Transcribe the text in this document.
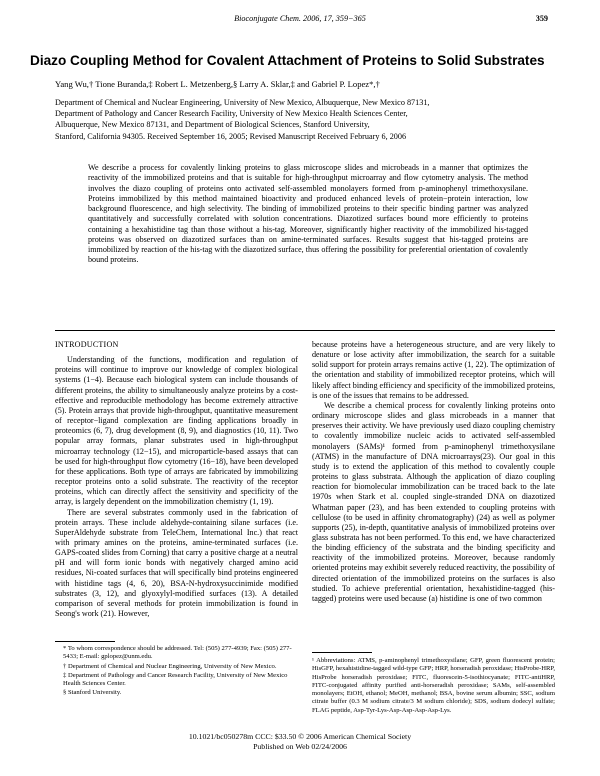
Bioconjugate Chem. 2006, 17, 359−365	359
Diazo Coupling Method for Covalent Attachment of Proteins to Solid Substrates
Yang Wu,† Tione Buranda,‡ Robert L. Metzenberg,§ Larry A. Sklar,‡ and Gabriel P. Lopez*,†
Department of Chemical and Nuclear Engineering, University of New Mexico, Albuquerque, New Mexico 87131,
Department of Pathology and Cancer Research Facility, University of New Mexico Health Sciences Center,
Albuquerque, New Mexico 87131, and Department of Biological Sciences, Stanford University,
Stanford, California 94305. Received September 16, 2005; Revised Manuscript Received February 6, 2006
We describe a process for covalently linking proteins to glass microscope slides and microbeads in a manner that optimizes the reactivity of the immobilized proteins and that is suitable for high-throughput microarray and flow cytometry analysis. The method involves the diazo coupling of proteins onto activated self-assembled monolayers formed from p-aminophenyl trimethoxysilane. Proteins immobilized by this method maintained bioactivity and produced enhanced levels of protein−protein interaction, low background fluorescence, and high selectivity. The binding of immobilized proteins to their specific binding partner was analyzed quantitatively and successfully correlated with solution concentrations. Diazotized surfaces bound more efficiently to proteins containing a hexahistidine tag than those without a his-tag. Moreover, significantly higher reactivity of the immobilized his-tagged proteins was observed on diazotized surfaces than on amine-terminated surfaces. Results suggest that his-tagged proteins are immobilized by reaction of the his-tag with the diazotized surface, thus offering the possibility for preferential orientation of covalently bound proteins.
INTRODUCTION

Understanding of the functions, modification and regulation of proteins will continue to improve our knowledge of complex biological systems (1−4). Because each biological system can include thousands of different proteins, the ability to simultaneously analyze proteins by a cost-effective and reproducible methodology has become extremely attractive (5). Protein arrays that provide high-throughput, quantitative measurement of receptor−ligand complexation are finding applications broadly in proteomics (6, 7), drug development (8, 9), and diagnostics (10, 11). Two popular array formats, planar substrates used in high-throughput microarray technology (12−15), and microparticle-based assays that can be used for high-throughput flow cytometry (16−18), have been developed for these applications. Both type of arrays are fabricated by immobilizing receptor proteins onto a solid substrate. The reactivity of the receptor proteins, which can directly affect the sensitivity and specificity of the array, is largely dependent on the immobilization chemistry (1, 19).

There are several substrates commonly used in the fabrication of protein arrays. These include aldehyde-containing silane surfaces (i.e. SuperAldehyde substrate from TeleChem, International Inc.) that react with primary amines on the proteins, amine-terminated surfaces (i.e. GAPS-coated slides from Corning) that carry a positive charge at a neutral pH and will form ionic bonds with negatively charged amino acid residues, Ni-coated surfaces that will specifically bind proteins engineered with histidine tags (4, 6, 20), BSA-N-hydroxysuccinimide modified substrates (3, 12), and glyoxylyl-modified surfaces (13). A detailed comparison of several methods for protein immobilization is found in Seong's work (21). However,

because proteins have a heterogeneous structure, and are very likely to denature or lose activity after immobilization, the search for a suitable solid support for protein arrays remains active (1, 22). The optimization of the orientation and stability of immobilized receptor proteins, which will likely affect binding efficiency and specificity of the immobilized proteins, is one of the issues that remains to be addressed.

We describe a chemical process for covalently linking proteins onto ordinary microscope slides and glass microbeads in a manner that preserves their activity. We have previously used diazo coupling chemistry to covalently immobilize nucleic acids to activated self-assembled monolayers (SAMs)¹ formed from p-aminophenyl trimethoxysilane (ATMS) in the manufacture of DNA microarrays(23). Our goal in this study is to extend the application of this method to covalently couple proteins to glass substrata. Although the application of diazo coupling reaction for biomolecular immobilization can be traced back to the late 1970s when Stark et al. coupled single-stranded DNA on diazotized Whatman paper (23), and has been extended to coupling proteins with cellulose (to be used in affinity chromatography) (24) as well as polymer supports (25), in-depth, quantitative analysis of immobilized proteins over glass substrata has not been performed. To this end, we have characterized the binding efficiency of the substrata and the binding specificity and reactivity of the immobilized proteins. Moreover, because randomly oriented proteins may exhibit severely reduced reactivity, the possibility of directed orientation of the immobilized proteins on the surfaces is also studied. To achieve preferential orientation, hexahistidine-tagged (his-tagged) proteins were used because (a) histidine is one of two common

* To whom correspondence should be addressed. Tel: (505) 277-4939; Fax: (505) 277-5433; E-mail: gplopez@unm.edu.

† Department of Chemical and Nuclear Engineering, University of New Mexico.

‡ Department of Pathology and Cancer Research Facility, University of New Mexico Health Sciences Center.

§ Stanford University.

¹ Abbreviations: ATMS, p-aminophenyl trimethoxysilane; GFP, green fluorescent protein; HisGFP, hexahistidine-tagged wild-type GFP; HRP, horseradish peroxidase; HisProbe-HRP, HisProbe horseradish peroxidase; FITC, fluorescein-5-isothiocyanate; FITC-antiHRP, FITC-conjugated affinity purified anti-horseradish peroxidase; SAMs, self-assembled monolayers; EtOH, ethanol; MeOH, methanol; BSA, bovine serum albumin; SSC, sodium citrate buffer (0.3 M sodium citrate/3 M sodium chloride); SDS, sodium dodecyl sulfate; FLAG peptide, Asp-Tyr-Lys-Asp-Asp-Asp-Asp-Lys.
10.1021/bc050278m CCC: $33.50 © 2006 American Chemical Society
Published on Web 02/24/2006
